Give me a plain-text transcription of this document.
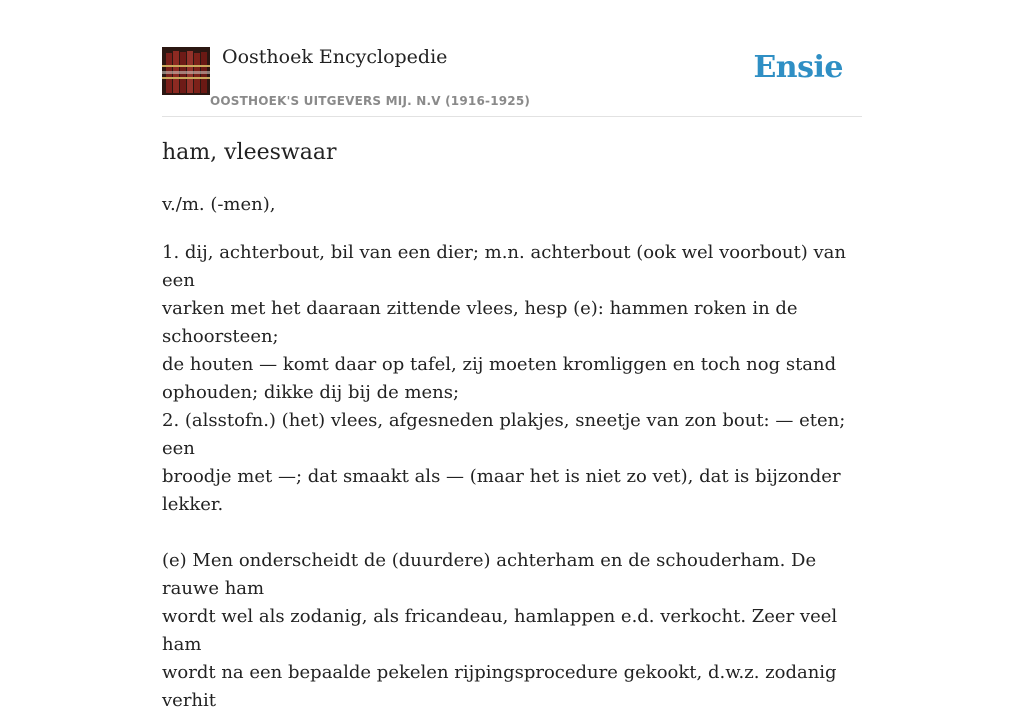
Oosthoek Encyclopedie
OOSTHOEK'S UITGEVERS MIJ. N.V (1916-1925)
Ensie
ham, vleeswaar
v./m. (-men),

1. dij, achterbout, bil van een dier; m.n. achterbout (ook wel voorbout) van een

varken met het daaraan zittende vlees, hesp (e): hammen roken in de schoorsteen;

de houten — komt daar op tafel, zij moeten kromliggen en toch nog stand

ophouden; dikke dij bij de mens;

2. (alsstofn.) (het) vlees, afgesneden plakjes, sneetje van zon bout: — eten; een

broodje met —; dat smaakt als — (maar het is niet zo vet), dat is bijzonder lekker.

(e) Men onderscheidt de (duurdere) achterham en de schouderham. De rauwe ham

wordt wel als zodanig, als fricandeau, hamlappen e.d. verkocht. Zeer veel ham

wordt na een bepaalde pekelen rijpingsprocedure gekookt, d.w.z. zodanig verhit
